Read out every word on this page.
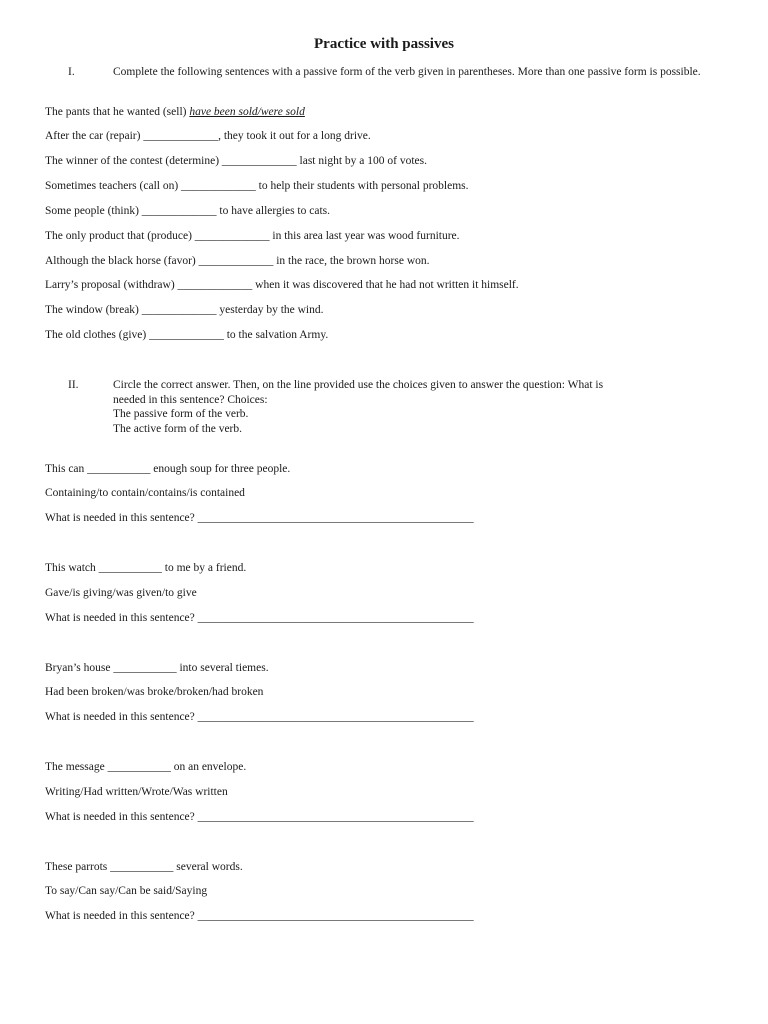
Practice with passives
I.	Complete the following sentences with a passive form of the verb given in parentheses. More than one passive form is possible.
The pants that he wanted (sell) have been sold/were sold
After the car (repair) _____________, they took it out for a long drive.
The winner of the contest (determine) _____________ last night by a 100 of votes.
Sometimes teachers (call on) _____________ to help their students with personal problems.
Some people (think) _____________ to have allergies to cats.
The only product that (produce) _____________ in this area last year was wood furniture.
Although the black horse (favor) _____________ in the race, the brown horse won.
Larry’s proposal (withdraw) _____________ when it was discovered that he had not written it himself.
The window (break) _____________ yesterday by the wind.
The old clothes (give) _____________ to the salvation Army.
II.	Circle the correct answer. Then, on the line provided use the choices given to answer the question: What is
needed in this sentence? Choices:
The passive form of the verb.
The active form of the verb.
This can ___________ enough soup for three people.
Containing/to contain/contains/is contained
What is needed in this sentence? ________________________________________________
This watch ___________ to me by a friend.
Gave/is giving/was given/to give
What is needed in this sentence? ________________________________________________
Bryan’s house ___________ into several tiemes.
Had been broken/was broke/broken/had broken
What is needed in this sentence? ________________________________________________
The message ___________ on an envelope.
Writing/Had written/Wrote/Was written
What is needed in this sentence? ________________________________________________
These parrots ___________ several words.
To say/Can say/Can be said/Saying
What is needed in this sentence? ________________________________________________
